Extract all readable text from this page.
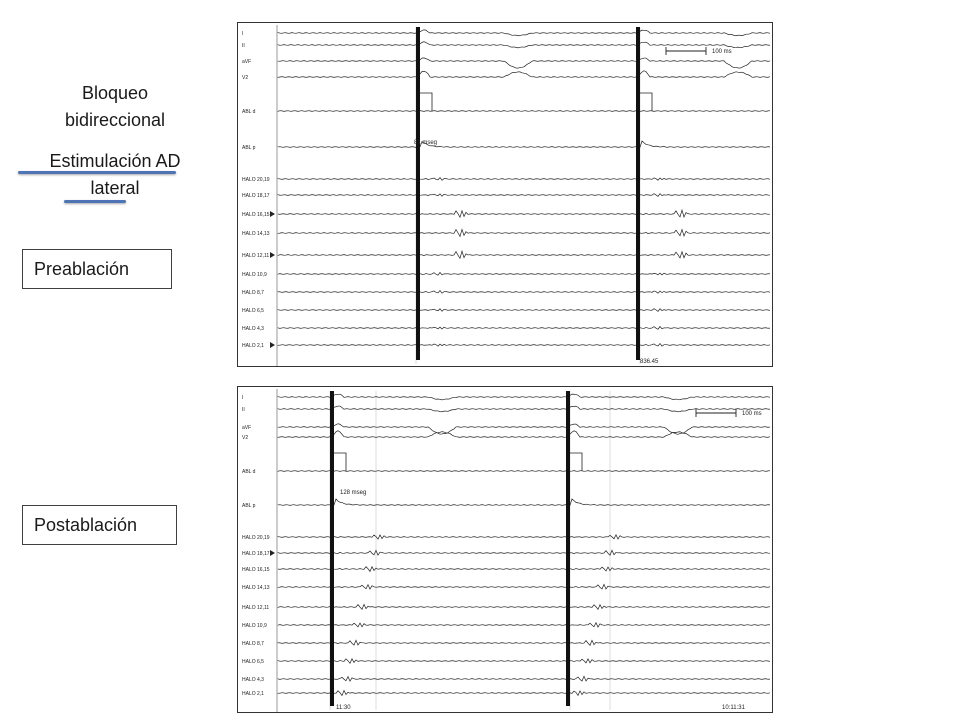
Bloqueo
bidireccional
Estimulación AD
lateral
Preablación
Postablación
I
II
aVF
V2
ABL d
ABL p
HALO 20,19
HALO 18,17
HALO 16,15
HALO 14,13
HALO 12,11
HALO 10,9
HALO 8,7
HALO 6,5
HALO 4,3
HALO 2,1
81 mseg
100 ms
836.45
I
II
aVF
V2
ABL d
ABL p
HALO 20,19
HALO 18,17
HALO 16,15
HALO 14,13
HALO 12,11
HALO 10,9
HALO 8,7
HALO 6,5
HALO 4,3
HALO 2,1
128 mseg
100 ms
10:11:31
11:30
